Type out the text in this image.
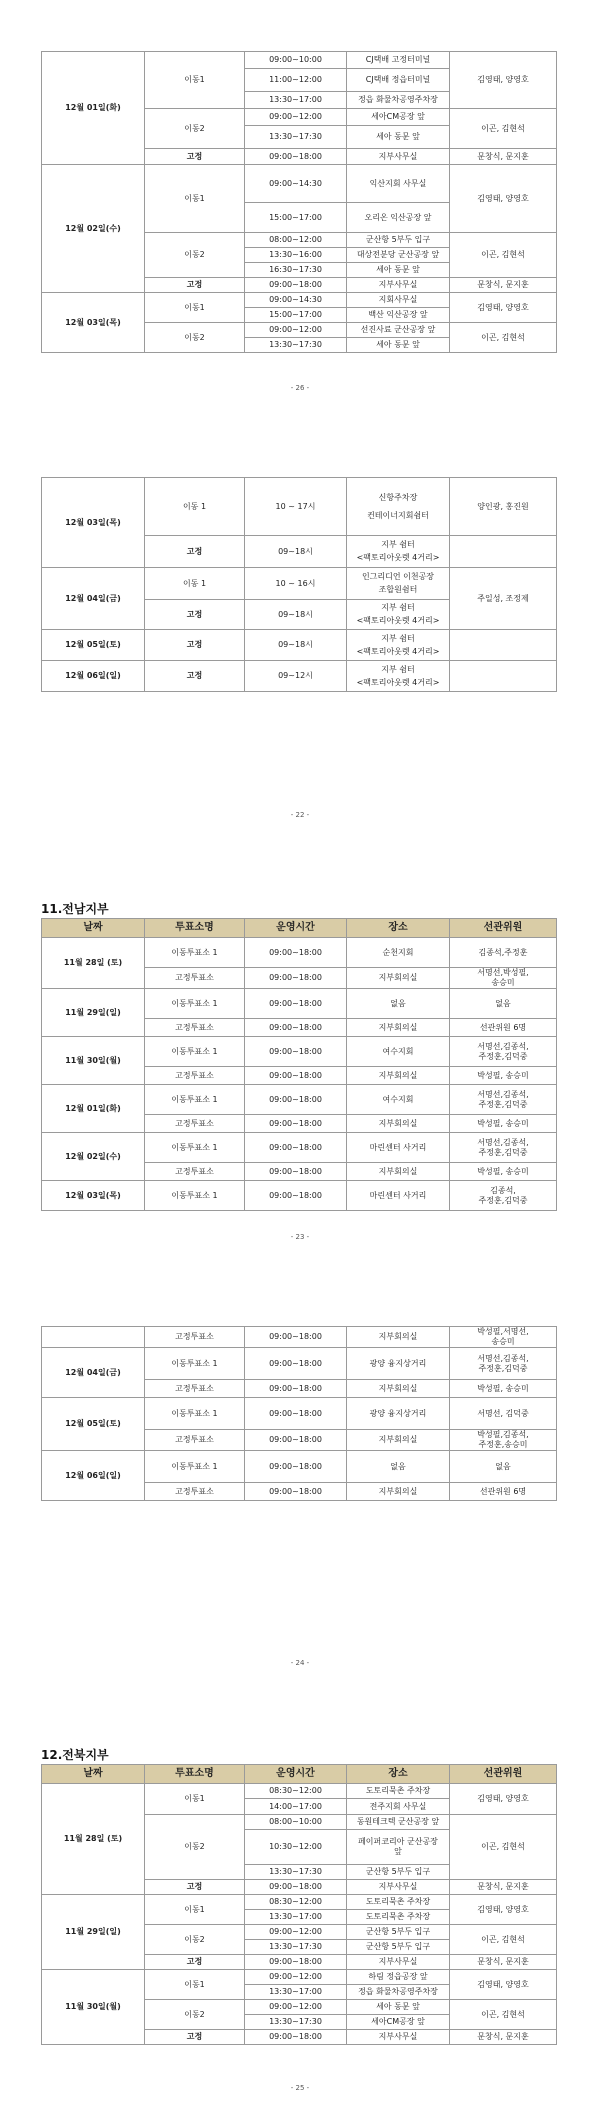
12월 01일(화)	이동1	09:00~10:00	CJ택배 고정터미널	김영태, 양영호
		11:00~12:00	CJ택배 정읍터미널	
		13:30~17:00	정읍 화물차공영주차장	
	이동2	09:00~12:00	세아CM공장 앞	이곤, 김현석
		13:30~17:30	세아 동문 앞	
	고정	09:00~18:00	지부사무실	문창식, 문지훈
12월 02일(수)	이동1	09:00~14:30	익산지회 사무실	김영태, 양영호
		15:00~17:00	오리온 익산공장 앞	
	이동2	08:00~12:00	군산항 5부두 입구	이곤, 김현석
		13:30~16:00	대상전분당 군산공장 앞	
		16:30~17:30	세아 동문 앞	
	고정	09:00~18:00	지부사무실	문창식, 문지훈
12월 03일(목)	이동1	09:00~14:30	지회사무실	김영태, 양영호
		15:00~17:00	백산 익산공장 앞	
	이동2	09:00~12:00	선진사료 군산공장 앞	이곤, 김현석
		13:30~17:30	세아 동문 앞	
- 26 -
12월 03일(목)	이동 1	10 ~ 17시	신항주차장
컨테이너지회쉼터	양인광, 홍진원
	고정	09~18시	지부 쉼터
<팩토리아웃렛 4거리>	

12월 04일(금)	이동 1	10 ~ 16시	인그리디언 이천공장
조합원쉼터	주일성, 조정제
	고정	09~18시	지부 쉼터
<팩토리아웃렛 4거리>	

12월 05일(토)	고정	09~18시	지부 쉼터
<팩토리아웃렛 4거리>	

12월 06일(일)	고정	09~12시	지부 쉼터
<팩토리아웃렛 4거리>	

- 22 -
11.전남지부
날짜	투표소명	운영시간	장소	선관위원
11월 28일 (토)	이동투표소 1	09:00~18:00	순천지회	김종석,주정훈
	고정투표소	09:00~18:00	지부회의실	서명선,박성필,
송승미
11월 29일(일)	이동투표소 1	09:00~18:00	없음	없음
	고정투표소	09:00~18:00	지부회의실	선관위원 6명
11월 30일(월)	이동투표소 1	09:00~18:00	여수지회	서명선,김종석,
주정훈,김덕중
	고정투표소	09:00~18:00	지부회의실	박성필, 송승미
12월 01일(화)	이동투표소 1	09:00~18:00	여수지회	서명선,김종석,
주정훈,김덕중
	고정투표소	09:00~18:00	지부회의실	박성필, 송승미
12월 02일(수)	이동투표소 1	09:00~18:00	마린센터 사거리	서명선,김종석,
주정훈,김덕중
	고정투표소	09:00~18:00	지부회의실	박성필, 송승미
12월 03일(목)	이동투표소 1	09:00~18:00	마린센터 사거리	김종석,
주정훈,김덕중
- 23 -
	고정투표소	09:00~18:00	지부회의실	박성필,서명선,
송승미
12월 04일(금)	이동투표소 1	09:00~18:00	광양 융지상거리	서명선,김종석,
주정훈,김덕중
	고정투표소	09:00~18:00	지부회의실	박성필, 송승미
12월 05일(토)	이동투표소 1	09:00~18:00	광양 융지상거리	서명선, 김덕중
	고정투표소	09:00~18:00	지부회의실	박성필,김종석,
주정훈,송승미
12월 06일(일)	이동투표소 1	09:00~18:00	없음	없음
	고정투표소	09:00~18:00	지부회의실	선관위원 6명
- 24 -
12.전북지부
날짜	투표소명	운영시간	장소	선관위원
11월 28일 (토)	이동1	08:30~12:00	도토리묵촌 주차장	김영태, 양영호
		14:00~17:00	전주지회 사무실	
	이동2	08:00~10:00	동원테크텍 군산공장 앞	이곤, 김현석
		10:30~12:00	페이퍼코리아 군산공장
앞	
		13:30~17:30	군산항 5부두 입구	
	고정	09:00~18:00	지부사무실	문창식, 문지훈
11월 29일(일)	이동1	08:30~12:00	도토리묵촌 주차장	김영태, 양영호
		13:30~17:00	도토리묵촌 주차장	
	이동2	09:00~12:00	군산항 5부두 입구	이곤, 김현석
		13:30~17:30	군산항 5부두 입구	
	고정	09:00~18:00	지부사무실	문창식, 문지훈
11월 30일(월)	이동1	09:00~12:00	하림 정읍공장 앞	김영태, 양영호
		13:30~17:00	정읍 화물차공영주차장	
	이동2	09:00~12:00	세아 동문 앞	이곤, 김현석
		13:30~17:30	세아CM공장 앞	
	고정	09:00~18:00	지부사무실	문창식, 문지훈
- 25 -
